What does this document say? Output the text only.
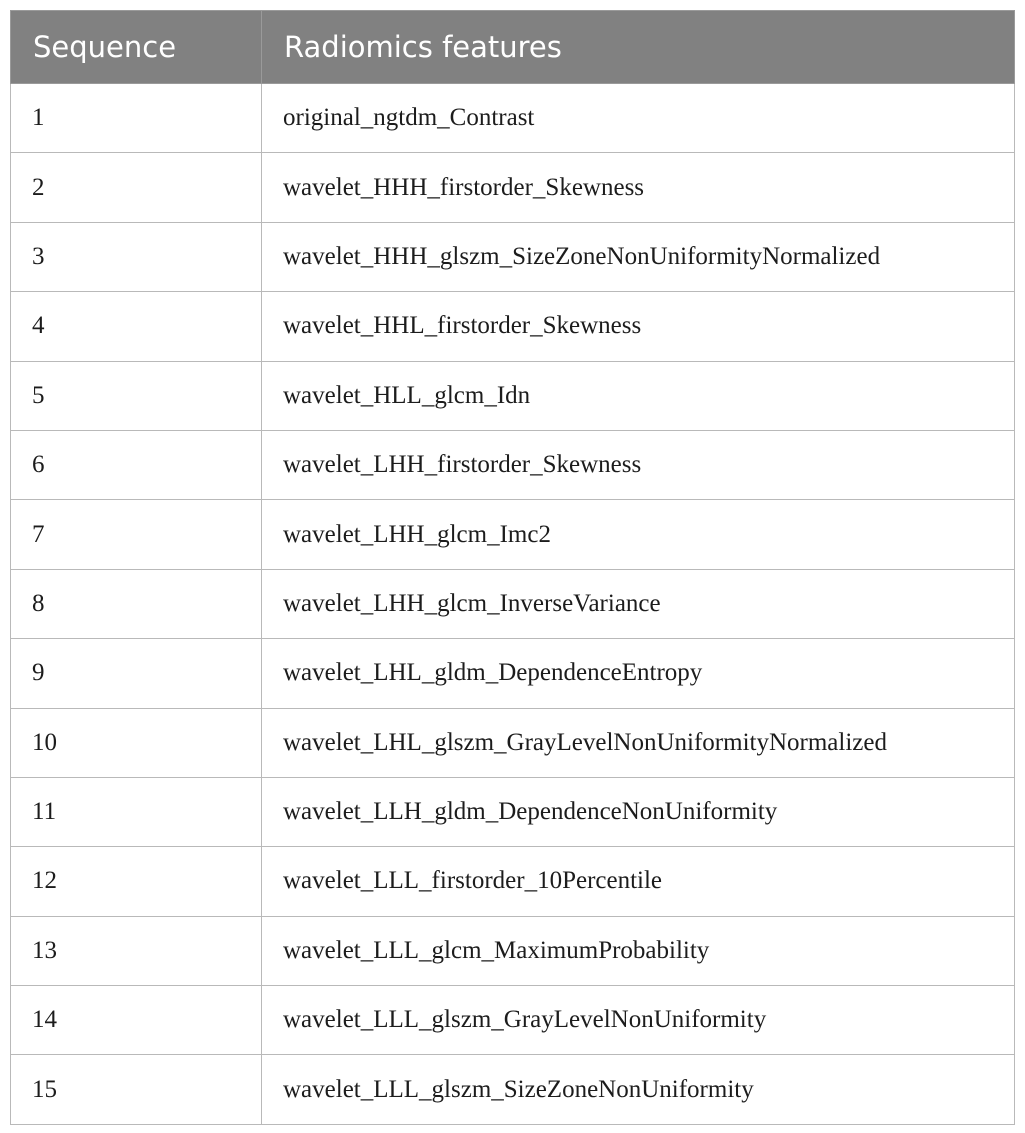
Sequence	Radiomics features
1	original_ngtdm_Contrast
2	wavelet_HHH_firstorder_Skewness
3	wavelet_HHH_glszm_SizeZoneNonUniformityNormalized
4	wavelet_HHL_firstorder_Skewness
5	wavelet_HLL_glcm_Idn
6	wavelet_LHH_firstorder_Skewness
7	wavelet_LHH_glcm_Imc2
8	wavelet_LHH_glcm_InverseVariance
9	wavelet_LHL_gldm_DependenceEntropy
10	wavelet_LHL_glszm_GrayLevelNonUniformityNormalized
11	wavelet_LLH_gldm_DependenceNonUniformity
12	wavelet_LLL_firstorder_10Percentile
13	wavelet_LLL_glcm_MaximumProbability
14	wavelet_LLL_glszm_GrayLevelNonUniformity
15	wavelet_LLL_glszm_SizeZoneNonUniformity
